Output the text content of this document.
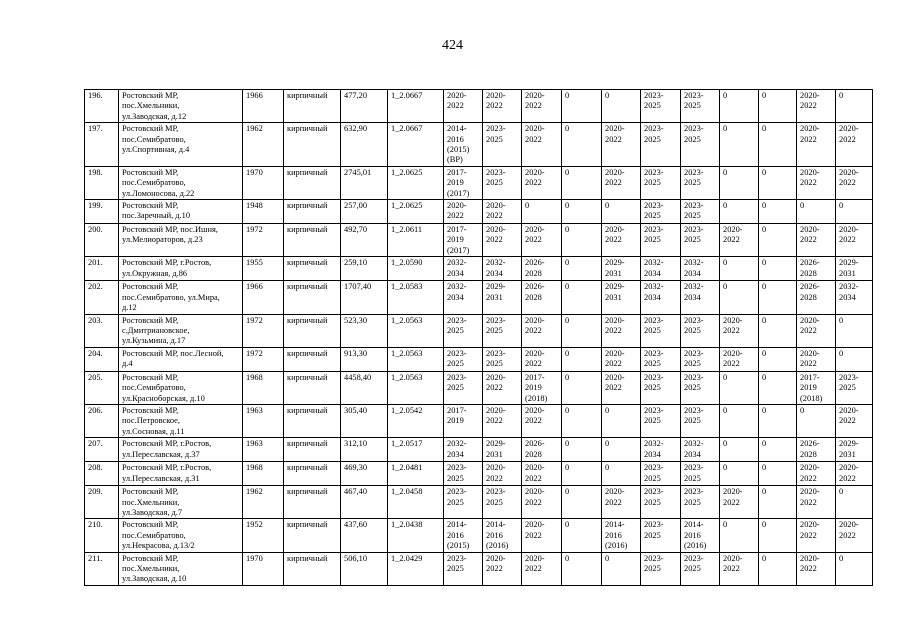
424
196.	Ростовский МР,
пос.Хмельники,
ул.Заводская, д.12	1966	кирпичный	477,20	1_2.0667	2020-
2022	2020-
2022	2020-
2022	0	0	2023-
2025	2023-
2025	0	0	2020-
2022	0
197.	Ростовский МР,
пос.Семибратово,
ул.Спортивная, д.4	1962	кирпичный	632,90	1_2.0667	2014-
2016
(2015)
(ВР)	2023-
2025	2020-
2022	0	2020-
2022	2023-
2025	2023-
2025	0	0	2020-
2022	2020-
2022
198.	Ростовский МР,
пос.Семибратово,
ул.Ломоносова, д.22	1970	кирпичный	2745,01	1_2.0625	2017-
2019
(2017)	2023-
2025	2020-
2022	0	2020-
2022	2023-
2025	2023-
2025	0	0	2020-
2022	2020-
2022
199.	Ростовский МР,
пос.Заречный, д.10	1948	кирпичный	257,00	1_2.0625	2020-
2022	2020-
2022	0	0	0	2023-
2025	2023-
2025	0	0	0	0
200.	Ростовский МР, пос.Ишня,
ул.Мелиораторов, д.23	1972	кирпичный	492,70	1_2.0611	2017-
2019
(2017)	2020-
2022	2020-
2022	0	2020-
2022	2023-
2025	2023-
2025	2020-
2022	0	2020-
2022	2020-
2022
201.	Ростовский МР, г.Ростов,
ул.Окружная, д.86	1955	кирпичный	259,10	1_2.0590	2032-
2034	2032-
2034	2026-
2028	0	2029-
2031	2032-
2034	2032-
2034	0	0	2026-
2028	2029-
2031
202.	Ростовский МР,
пос.Семибратово, ул.Мира,
д.12	1966	кирпичный	1707,40	1_2.0583	2032-
2034	2029-
2031	2026-
2028	0	2029-
2031	2032-
2034	2032-
2034	0	0	2026-
2028	2032-
2034
203.	Ростовский МР,
с.Дмитриановское,
ул.Кузьмина, д.17	1972	кирпичный	523,30	1_2.0563	2023-
2025	2023-
2025	2020-
2022	0	2020-
2022	2023-
2025	2023-
2025	2020-
2022	0	2020-
2022	0
204.	Ростовский МР, пос.Лесной,
д.4	1972	кирпичный	913,30	1_2.0563	2023-
2025	2023-
2025	2020-
2022	0	2020-
2022	2023-
2025	2023-
2025	2020-
2022	0	2020-
2022	0
205.	Ростовский МР,
пос.Семибратово,
ул.Красноборская, д.10	1968	кирпичный	4458,40	1_2.0563	2023-
2025	2020-
2022	2017-
2019
(2018)	0	2020-
2022	2023-
2025	2023-
2025	0	0	2017-
2019
(2018)	2023-
2025
206.	Ростовский МР,
пос.Петровское,
ул.Сосновая, д.11	1963	кирпичный	305,40	1_2.0542	2017-
2019	2020-
2022	2020-
2022	0	0	2023-
2025	2023-
2025	0	0	0	2020-
2022
207.	Ростовский МР, г.Ростов,
ул.Переславская, д.37	1963	кирпичный	312,10	1_2.0517	2032-
2034	2029-
2031	2026-
2028	0	0	2032-
2034	2032-
2034	0	0	2026-
2028	2029-
2031
208.	Ростовский МР, г.Ростов,
ул.Переславская, д.31	1968	кирпичный	469,30	1_2.0481	2023-
2025	2020-
2022	2020-
2022	0	0	2023-
2025	2023-
2025	0	0	2020-
2022	2020-
2022
209.	Ростовский МР,
пос.Хмельники,
ул.Заводская, д.7	1962	кирпичный	467,40	1_2.0458	2023-
2025	2023-
2025	2020-
2022	0	2020-
2022	2023-
2025	2023-
2025	2020-
2022	0	2020-
2022	0
210.	Ростовский МР,
пос.Семибратово,
ул.Некрасова, д.13/2	1952	кирпичный	437,60	1_2.0438	2014-
2016
(2015)	2014-
2016
(2016)	2020-
2022	0	2014-
2016
(2016)	2023-
2025	2014-
2016
(2016)	0	0	2020-
2022	2020-
2022
211.	Ростовский МР,
пос.Хмельники,
ул.Заводская, д.10	1970	кирпичный	506,10	1_2.0429	2023-
2025	2020-
2022	2020-
2022	0	0	2023-
2025	2023-
2025	2020-
2022	0	2020-
2022	0
